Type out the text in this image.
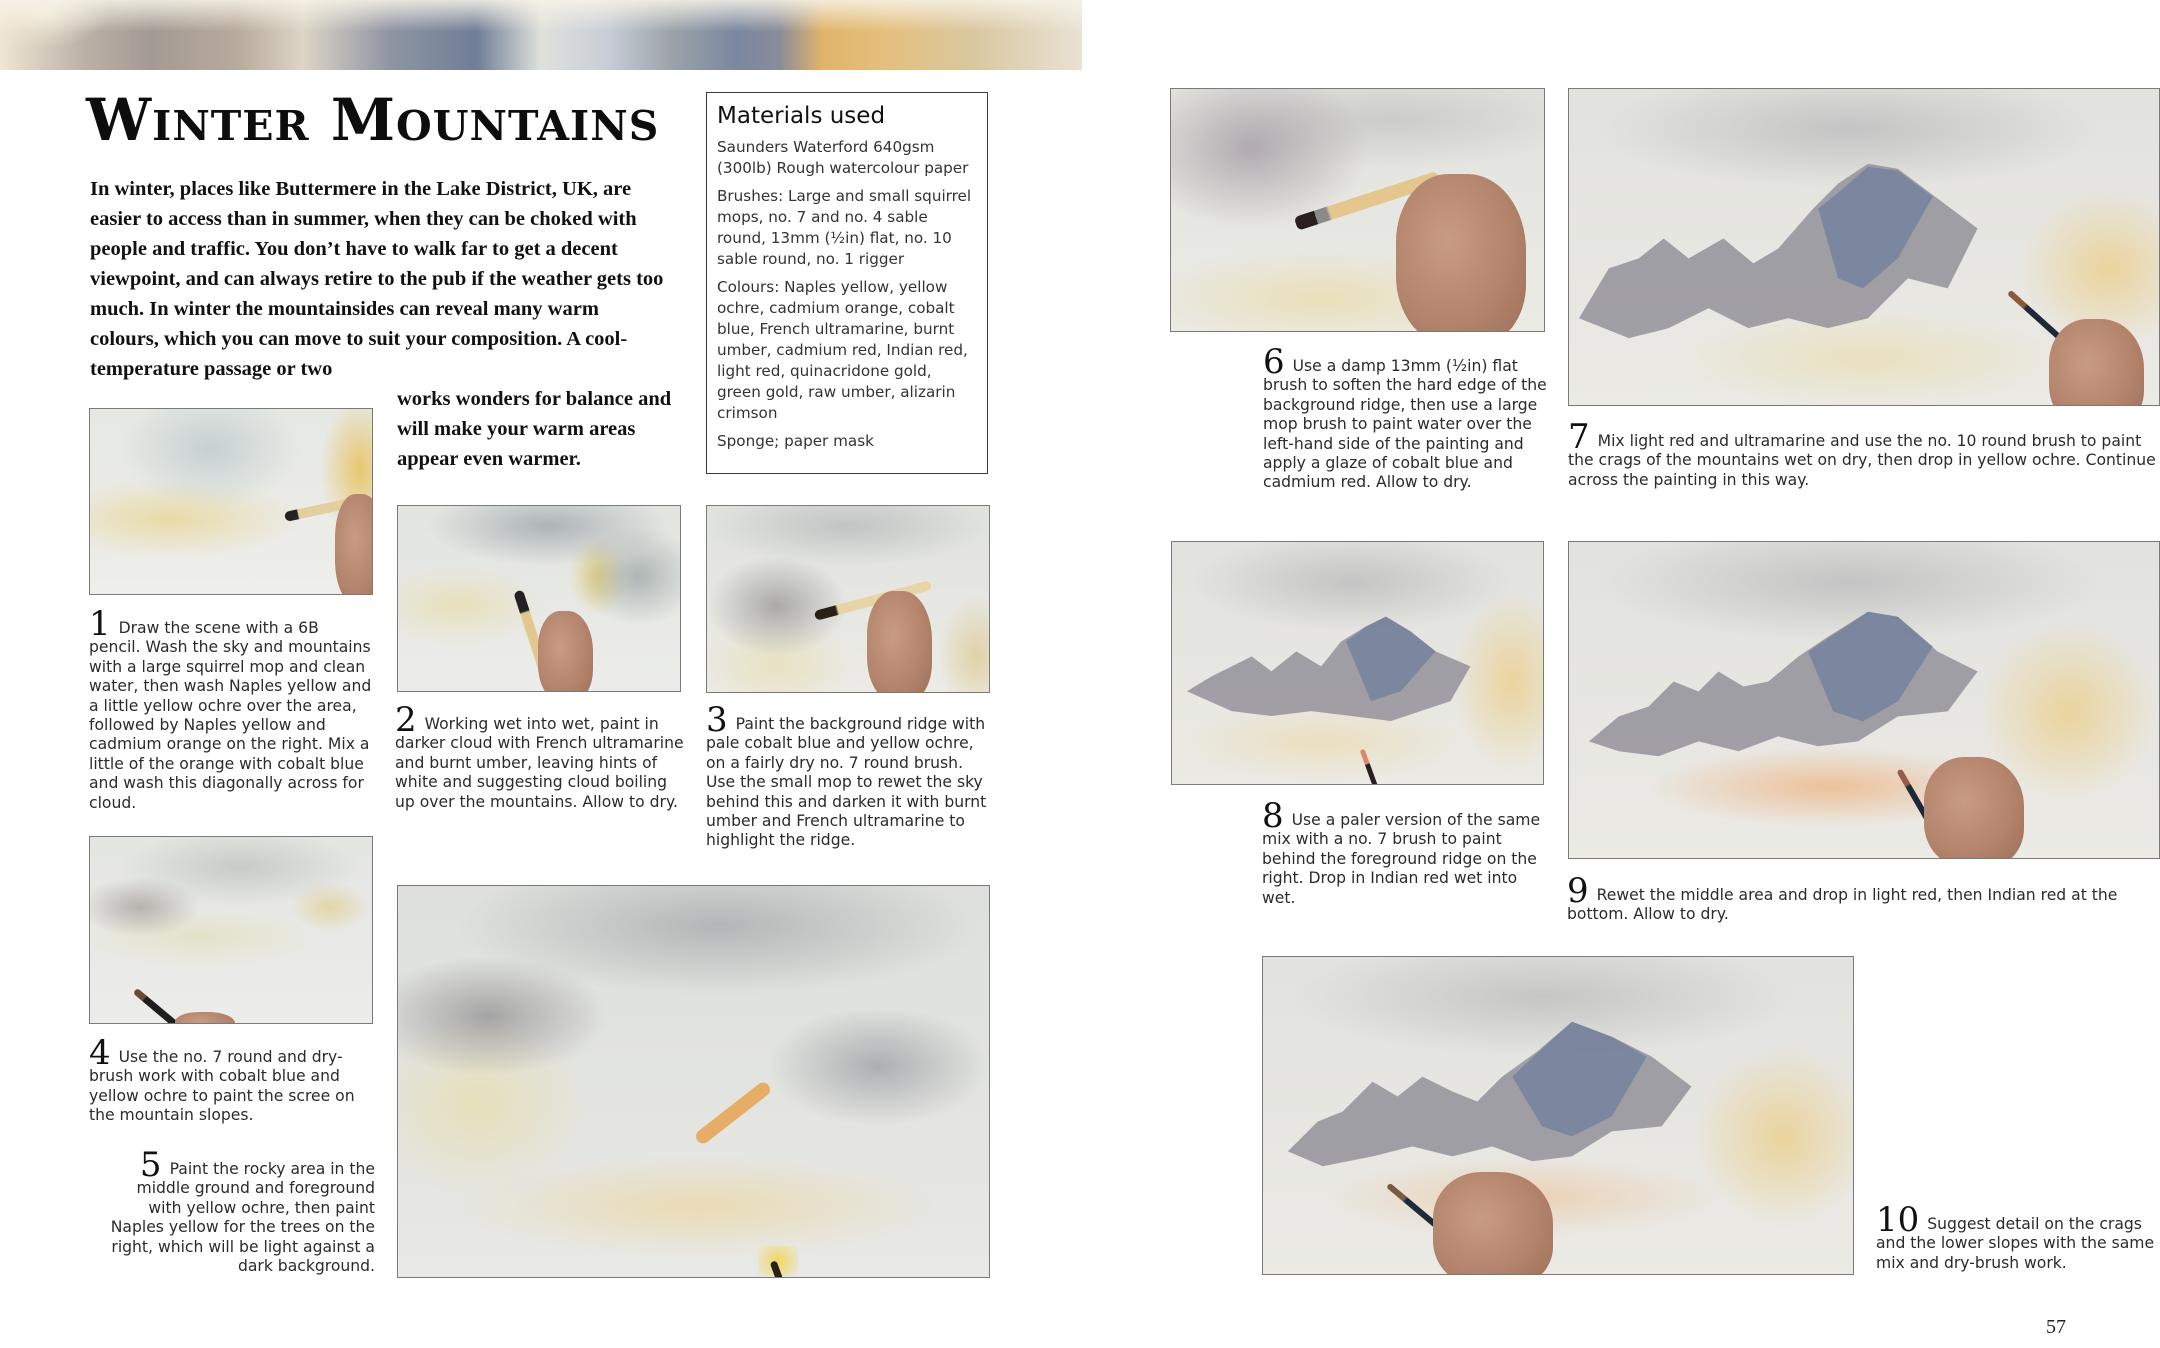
Winter Mountains
In winter, places like Buttermere in the Lake District, UK, are easier to access than in summer, when they can be choked with people and traffic. You don’t have to walk far to get a decent viewpoint, and can always retire to the pub if the weather gets too much. In winter the mountainsides can reveal many warm colours, which you can move to suit your composition. A cool-temperature passage or two
works wonders for balance and will make your warm areas appear even warmer.
Materials used

Saunders Waterford 640gsm (300lb) Rough watercolour paper

Brushes: Large and small squirrel mops, no. 7 and no. 4 sable round, 13mm (½in) flat, no. 10 sable round, no. 1 rigger

Colours: Naples yellow, yellow ochre, cadmium orange, cobalt blue, French ultramarine, burnt umber, cadmium red, Indian red, light red, quinacridone gold, green gold, raw umber, alizarin crimson

Sponge; paper mask

1 Draw the scene with a 6B pencil. Wash the sky and mountains with a large squirrel mop and clean water, then wash Naples yellow and a little yellow ochre over the area, followed by Naples yellow and cadmium orange on the right. Mix a little of the orange with cobalt blue and wash this diagonally across for cloud.
2 Working wet into wet, paint in darker cloud with French ultramarine and burnt umber, leaving hints of white and suggesting cloud boiling up over the mountains. Allow to dry.
3 Paint the background ridge with pale cobalt blue and yellow ochre, on a fairly dry no. 7 round brush. Use the small mop to rewet the sky behind this and darken it with burnt umber and French ultramarine to highlight the ridge.
4 Use the no. 7 round and dry-brush work with cobalt blue and yellow ochre to paint the scree on the mountain slopes.
5 Paint the rocky area in the middle ground and foreground with yellow ochre, then paint Naples yellow for the trees on the right, which will be light against a dark background.
6 Use a damp 13mm (½in) flat brush to soften the hard edge of the background ridge, then use a large mop brush to paint water over the left-hand side of the painting and apply a glaze of cobalt blue and cadmium red. Allow to dry.
7 Mix light red and ultramarine and use the no. 10 round brush to paint the crags of the mountains wet on dry, then drop in yellow ochre. Continue across the painting in this way.
8 Use a paler version of the same mix with a no. 7 brush to paint behind the foreground ridge on the right. Drop in Indian red wet into wet.	9 Rewet the middle area and drop in light red, then Indian red at the bottom. Allow to dry.
10 Suggest detail on the crags and the lower slopes with the same mix and dry-brush work.
57
